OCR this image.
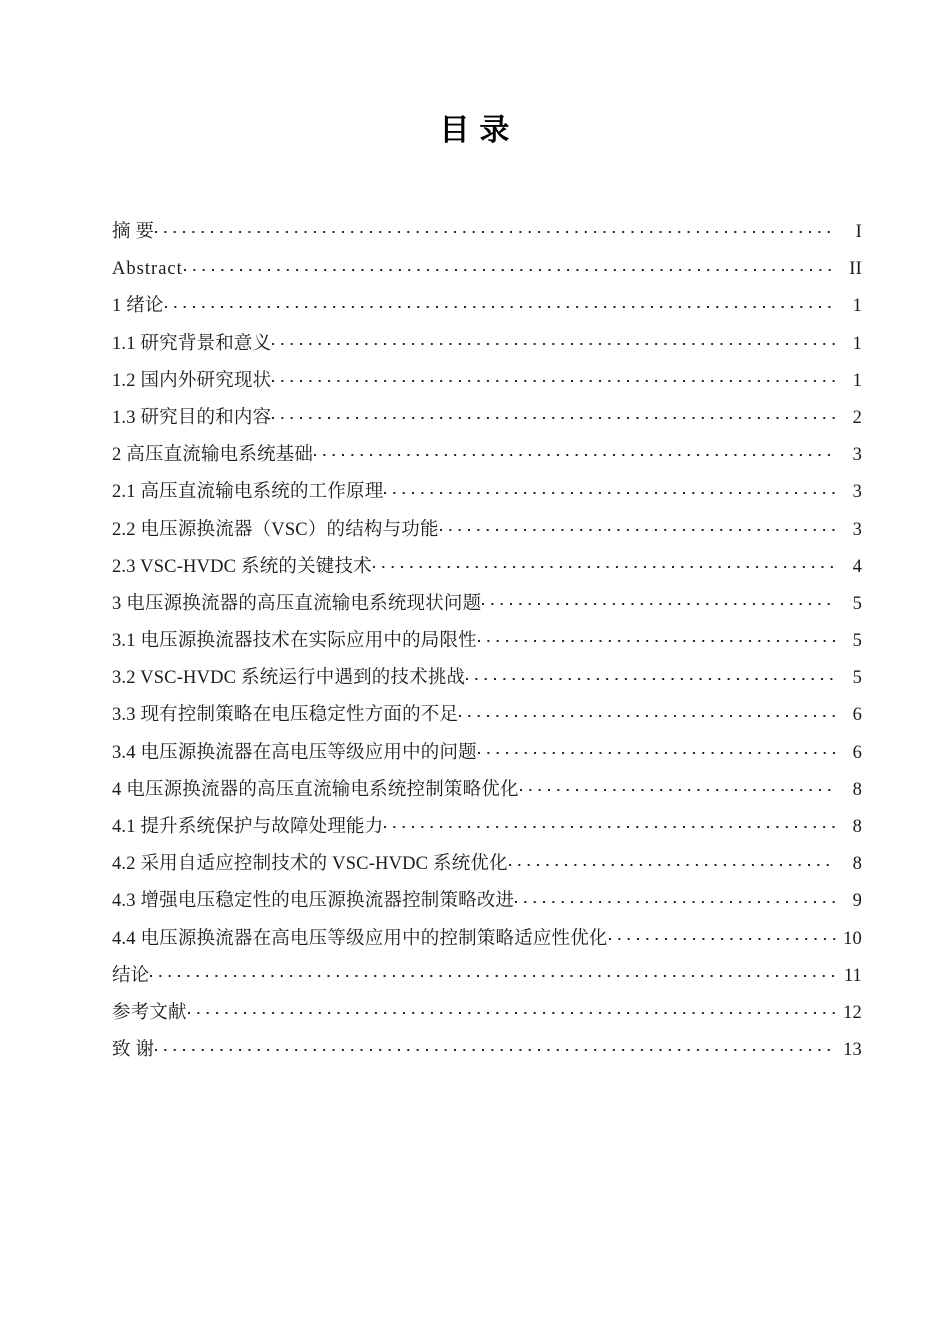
目 录
摘 要	I
Abstract	II
1 绪论	1
1.1 研究背景和意义	1
1.2 国内外研究现状	1
1.3 研究目的和内容	2
2 高压直流输电系统基础	3
2.1 高压直流输电系统的工作原理	3
2.2 电压源换流器（VSC）的结构与功能	3
2.3 VSC-HVDC 系统的关键技术	4
3 电压源换流器的高压直流输电系统现状问题	5
3.1 电压源换流器技术在实际应用中的局限性	5
3.2 VSC-HVDC 系统运行中遇到的技术挑战	5
3.3 现有控制策略在电压稳定性方面的不足	6
3.4 电压源换流器在高电压等级应用中的问题	6
4 电压源换流器的高压直流输电系统控制策略优化	8
4.1 提升系统保护与故障处理能力	8
4.2 采用自适应控制技术的 VSC-HVDC 系统优化	8
4.3 增强电压稳定性的电压源换流器控制策略改进	9
4.4 电压源换流器在高电压等级应用中的控制策略适应性优化	10
结论	11
参考文献	12
致 谢	13
